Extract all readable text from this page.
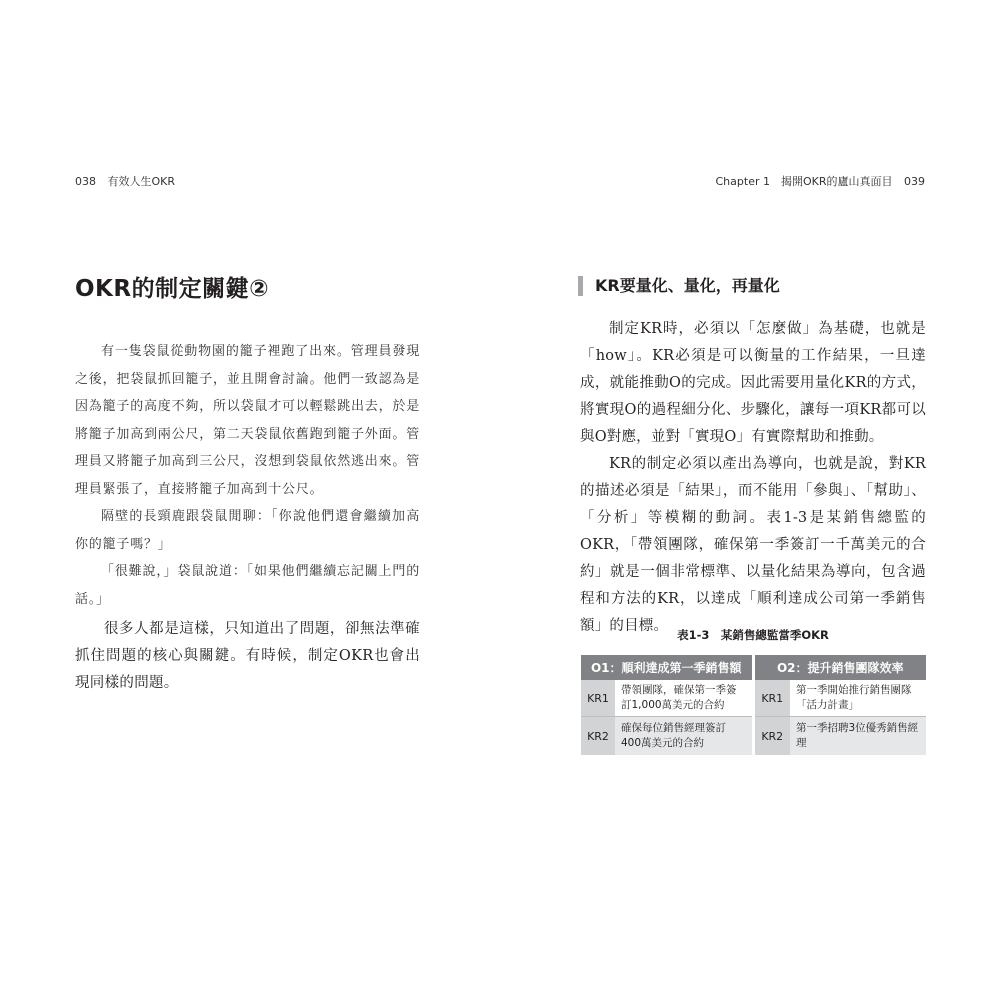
038 有效人生OKR
OKR的制定關鍵②

有一隻袋鼠從動物園的籠子裡跑了出來。管理員發現之後，把袋鼠抓回籠子，並且開會討論。他們一致認為是因為籠子的高度不夠，所以袋鼠才可以輕鬆跳出去，於是將籠子加高到兩公尺，第二天袋鼠依舊跑到籠子外面。管理員又將籠子加高到三公尺，沒想到袋鼠依然逃出來。管理員緊張了，直接將籠子加高到十公尺。

隔壁的長頸鹿跟袋鼠閒聊：「你說他們還會繼續加高你的籠子嗎？」

「很難說，」袋鼠說道：「如果他們繼續忘記關上門的話。」

很多人都是這樣，只知道出了問題，卻無法準確抓住問題的核心與關鍵。有時候，制定OKR也會出現同樣的問題。

Chapter 1　揭開OKR的廬山真面目 039
KR要量化、量化，再量化

制定KR時，必須以「怎麼做」為基礎，也就是「how」。KR必須是可以衡量的工作結果，一旦達成，就能推動O的完成。因此需要用量化KR的方式，將實現O的過程細分化、步驟化，讓每一項KR都可以與O對應，並對「實現O」有實際幫助和推動。

KR的制定必須以產出為導向，也就是說，對KR的描述必須是「結果」，而不能用「參與」、「幫助」、「分析」等模糊的動詞。表1-3是某銷售總監的OKR，「帶領團隊，確保第一季簽訂一千萬美元的合約」就是一個非常標準、以量化結果為導向，包含過程和方法的KR，以達成「順利達成公司第一季銷售額」的目標。

表1-3　某銷售總監當季OKR
O1：順利達成第一季銷售額		O2：提升銷售團隊效率	
KR1	帶領團隊，確保第一季簽訂1,000萬美元的合約	KR1	第一季開始推行銷售團隊「活力計畫」
KR2	確保每位銷售經理簽訂400萬美元的合約	KR2	第一季招聘3位優秀銷售經理
